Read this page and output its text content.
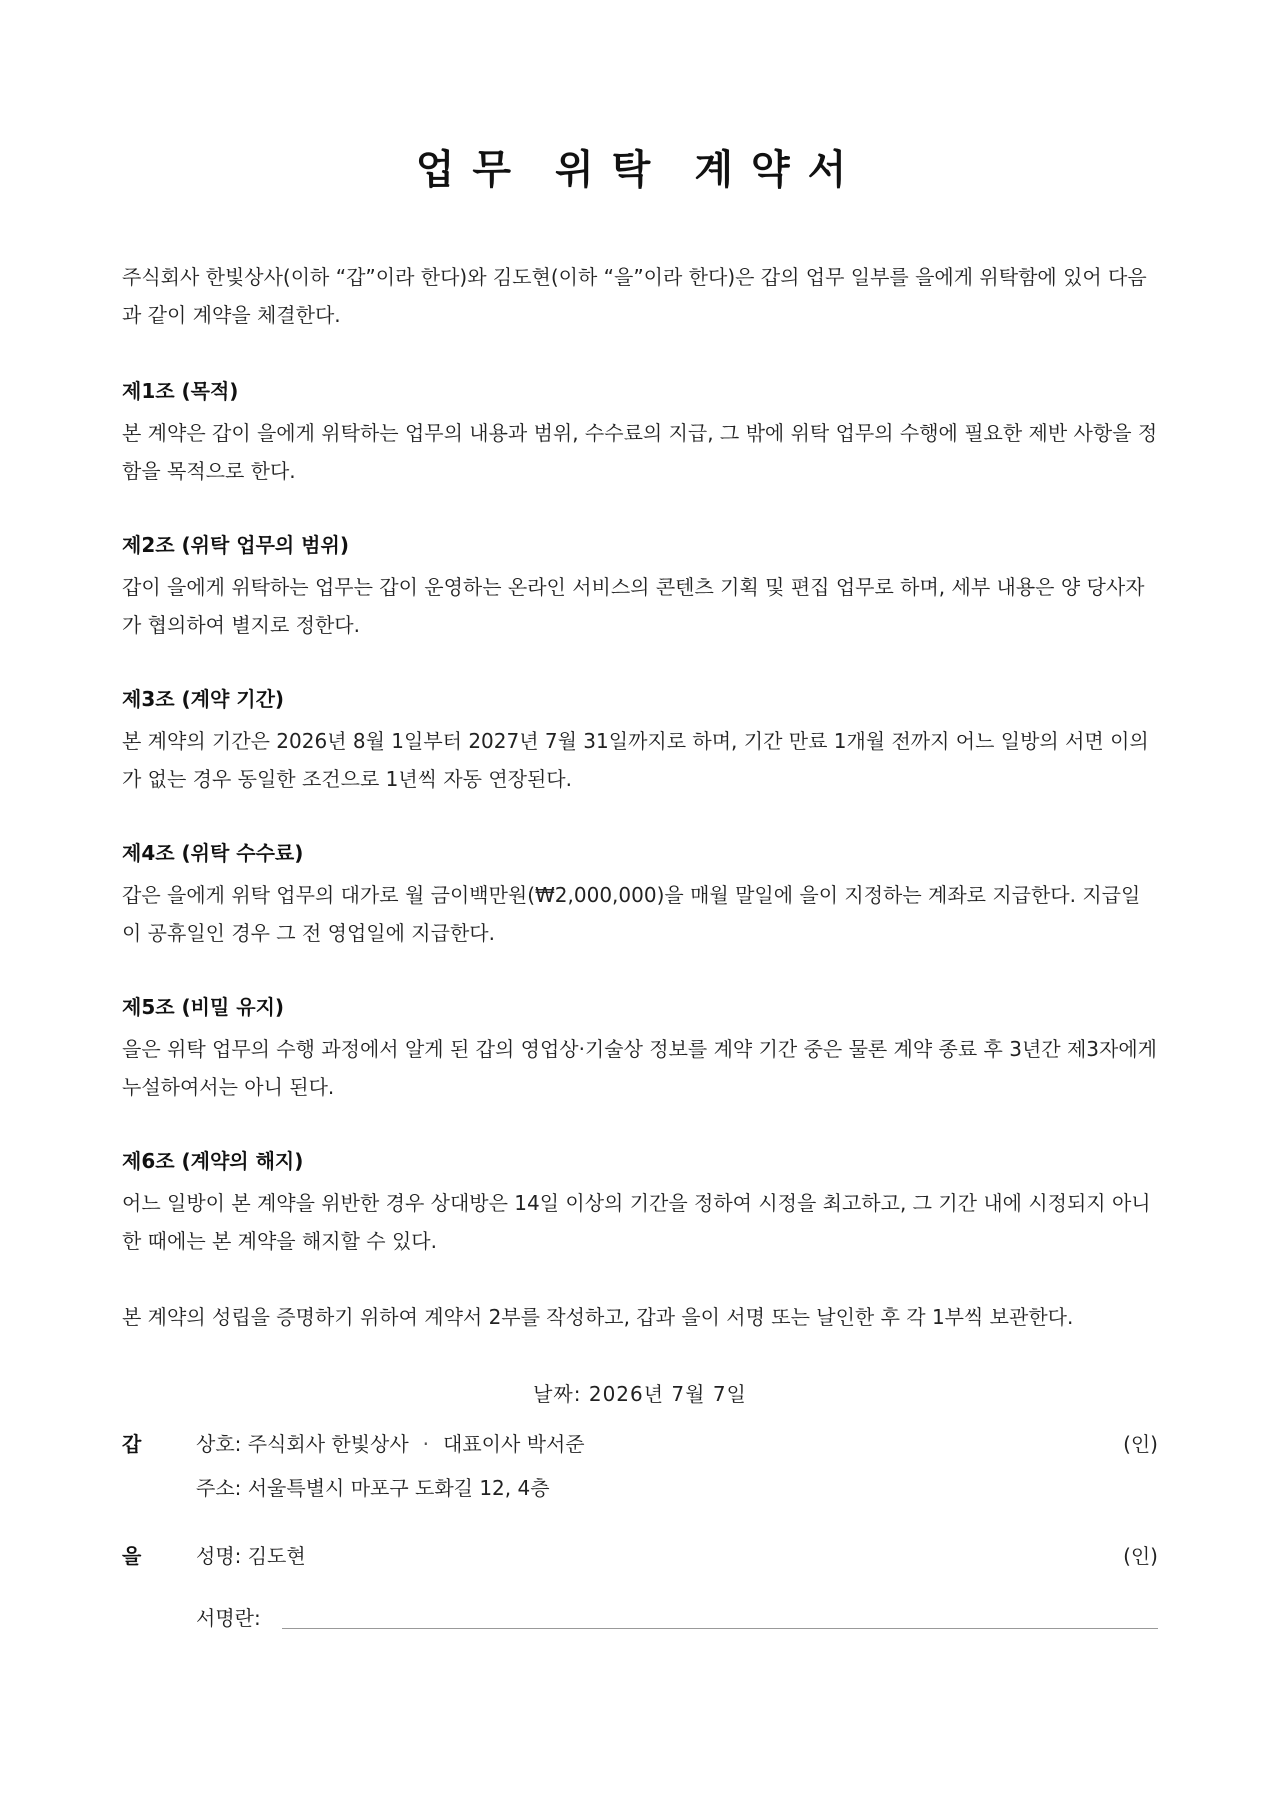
업무 위탁 계약서

주식회사 한빛상사(이하 “갑”이라 한다)와 김도현(이하 “을”이라 한다)은 갑의 업무 일부를 을에게 위탁함에 있어 다음과 같이 계약을 체결한다.

제1조 (목적)

본 계약은 갑이 을에게 위탁하는 업무의 내용과 범위, 수수료의 지급, 그 밖에 위탁 업무의 수행에 필요한 제반 사항을 정함을 목적으로 한다.

제2조 (위탁 업무의 범위)

갑이 을에게 위탁하는 업무는 갑이 운영하는 온라인 서비스의 콘텐츠 기획 및 편집 업무로 하며, 세부 내용은 양 당사자가 협의하여 별지로 정한다.

제3조 (계약 기간)

본 계약의 기간은 2026년 8월 1일부터 2027년 7월 31일까지로 하며, 기간 만료 1개월 전까지 어느 일방의 서면 이의가 없는 경우 동일한 조건으로 1년씩 자동 연장된다.

제4조 (위탁 수수료)

갑은 을에게 위탁 업무의 대가로 월 금이백만원(₩2,000,000)을 매월 말일에 을이 지정하는 계좌로 지급한다. 지급일이 공휴일인 경우 그 전 영업일에 지급한다.

제5조 (비밀 유지)

을은 위탁 업무의 수행 과정에서 알게 된 갑의 영업상·기술상 정보를 계약 기간 중은 물론 계약 종료 후 3년간 제3자에게 누설하여서는 아니 된다.

제6조 (계약의 해지)

어느 일방이 본 계약을 위반한 경우 상대방은 14일 이상의 기간을 정하여 시정을 최고하고, 그 기간 내에 시정되지 아니한 때에는 본 계약을 해지할 수 있다.

본 계약의 성립을 증명하기 위하여 계약서 2부를 작성하고, 갑과 을이 서명 또는 날인한 후 각 1부씩 보관한다.

날짜: 2026년 7월 7일
갑	상호: 주식회사 한빛상사 · 대표이사 박서준	(인)
주소: 서울특별시 마포구 도화길 12, 4층
을	성명: 김도현	(인)
서명란:
